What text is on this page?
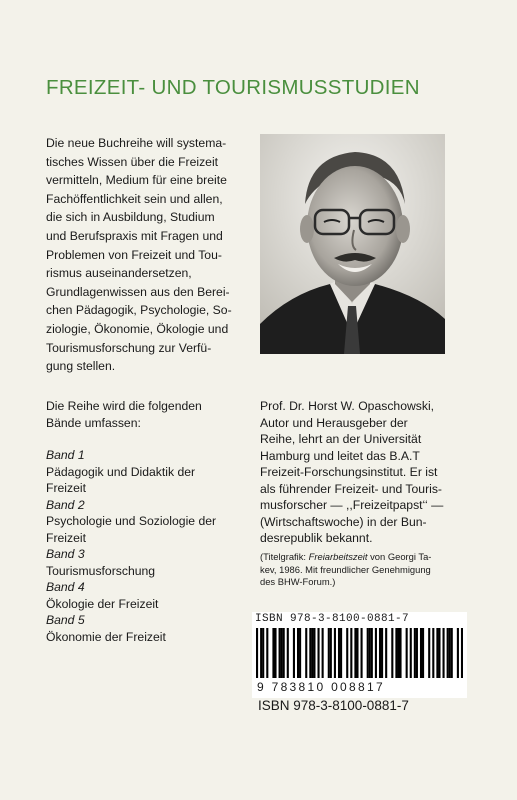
FREIZEIT- UND TOURISMUSSTUDIEN
Die neue Buchreihe will systema-
tisches Wissen über die Freizeit
vermitteln, Medium für eine breite
Fachöffentlichkeit sein und allen,
die sich in Ausbildung, Studium
und Berufspraxis mit Fragen und
Problemen von Freizeit und Tou-
rismus auseinandersetzen,
Grundlagenwissen aus den Berei-
chen Pädagogik, Psychologie, So-
ziologie, Ökonomie, Ökologie und
Tourismusforschung zur Verfü-
gung stellen.
Die Reihe wird die folgenden
Bände umfassen:
Band 1
Pädagogik und Didaktik der
Freizeit
Band 2
Psychologie und Soziologie der
Freizeit
Band 3
Tourismusforschung
Band 4
Ökologie der Freizeit
Band 5
Ökonomie der Freizeit
Prof. Dr. Horst W. Opaschowski,
Autor und Herausgeber der
Reihe, lehrt an der Universität
Hamburg und leitet das B.A.T
Freizeit-Forschungsinstitut. Er ist
als führender Freizeit- und Touris-
musforscher — ,,Freizeitpapst‘‘ —
(Wirtschaftswoche) in der Bun-
desrepublik bekannt.
(Titelgrafik: Freiarbeitszeit von Georgi Ta-
kev, 1986. Mit freundlicher Genehmigung
des BHW-Forum.)
ISBN 978-3-8100-0881-7
9 783810 008817
ISBN 978-3-8100-0881-7
